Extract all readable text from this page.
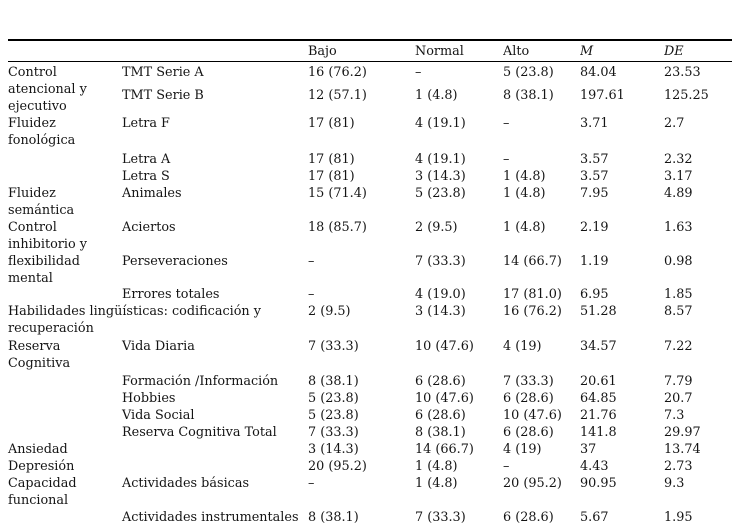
		Bajo	Normal	Alto	M	DE
Control atencional y ejecutivo	TMT Serie A	16 (76.2)	–	5 (23.8)	84.04	23.53
	TMT Serie B	12 (57.1)	1 (4.8)	8 (38.1)	197.61	125.25
Fluidez fonológica	Letra F	17 (81)	4 (19.1)	–	3.71	2.7
	Letra A	17 (81)	4 (19.1)	–	3.57	2.32
	Letra S	17 (81)	3 (14.3)	1 (4.8)	3.57	3.17
Fluidez semántica	Animales	15 (71.4)	5 (23.8)	1 (4.8)	7.95	4.89
Control inhibitorio y flexibilidad mental	Aciertos	18 (85.7)	2 (9.5)	1 (4.8)	2.19	1.63
	Perseveraciones	–	7 (33.3)	14 (66.7)	1.19	0.98
	Errores totales	–	4 (19.0)	17 (81.0)	6.95	1.85
Habilidades lingüísticas: codificación y recuperación		2 (9.5)	3 (14.3)	16 (76.2)	51.28	8.57
Reserva Cognitiva	Vida Diaria	7 (33.3)	10 (47.6)	4 (19)	34.57	7.22
	Formación /Información	8 (38.1)	6 (28.6)	7 (33.3)	20.61	7.79
	Hobbies	5 (23.8)	10 (47.6)	6 (28.6)	64.85	20.7
	Vida Social	5 (23.8)	6 (28.6)	10 (47.6)	21.76	7.3
	Reserva Cognitiva Total	7 (33.3)	8 (38.1)	6 (28.6)	141.8	29.97
Ansiedad		3 (14.3)	14 (66.7)	4 (19)	37	13.74
Depresión		20 (95.2)	1 (4.8)	–	4.43	2.73
Capacidad funcional	Actividades básicas	–	1 (4.8)	20 (95.2)	90.95	9.3
	Actividades instrumentales	8 (38.1)	7 (33.3)	6 (28.6)	5.67	1.95
